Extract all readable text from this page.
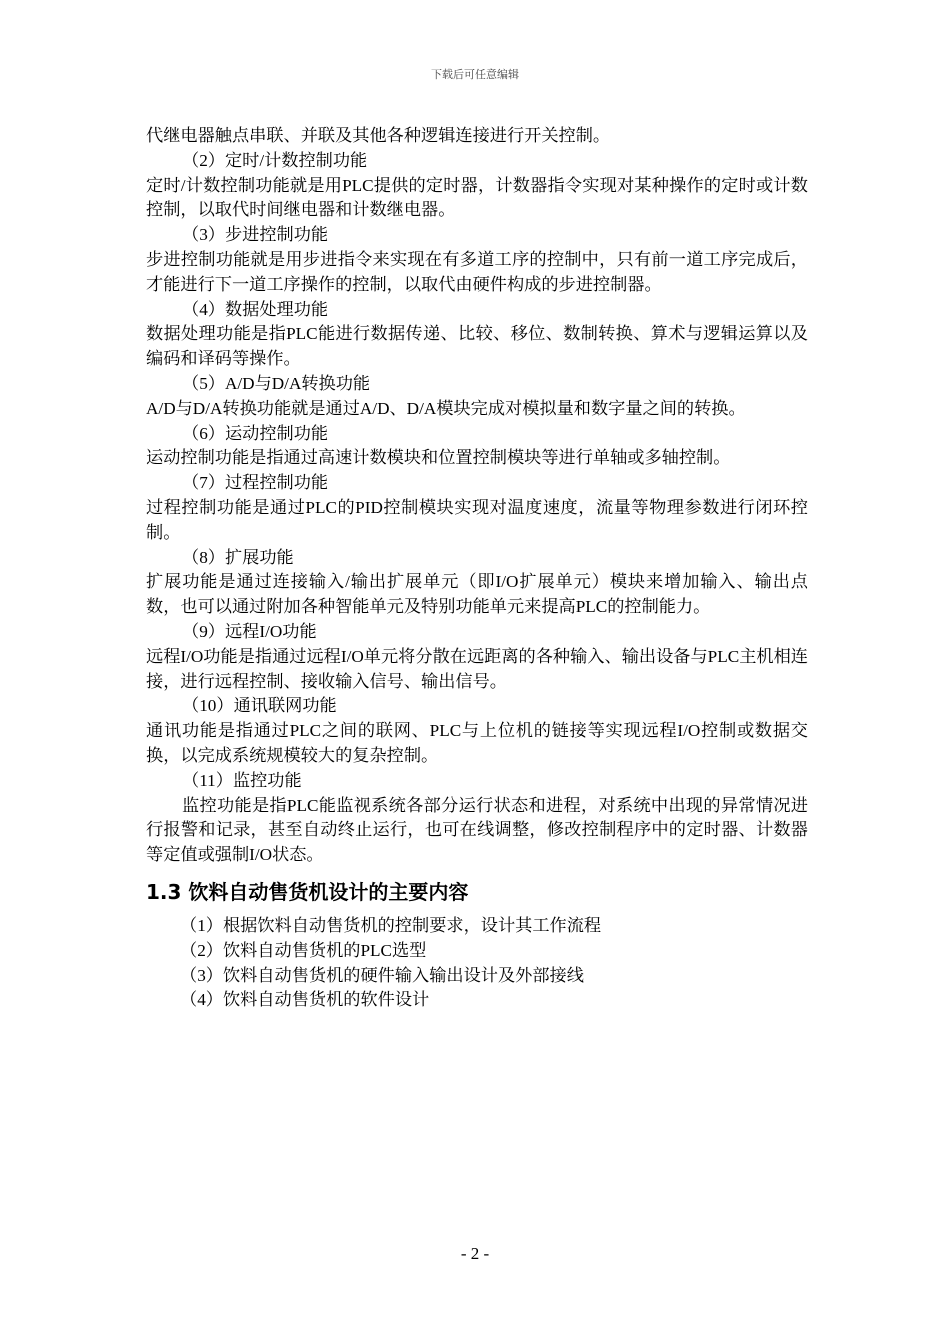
下载后可任意编辑

代继电器触点串联、并联及其他各种逻辑连接进行开关控制。

（2）定时/计数控制功能

定时/计数控制功能就是用PLC提供的定时器，计数器指令实现对某种操作的定时或计数控制，以取代时间继电器和计数继电器。

（3）步进控制功能

步进控制功能就是用步进指令来实现在有多道工序的控制中，只有前一道工序完成后，才能进行下一道工序操作的控制，以取代由硬件构成的步进控制器。

（4）数据处理功能

数据处理功能是指PLC能进行数据传递、比较、移位、数制转换、算术与逻辑运算以及编码和译码等操作。

（5）A/D与D/A转换功能

A/D与D/A转换功能就是通过A/D、D/A模块完成对模拟量和数字量之间的转换。

（6）运动控制功能

运动控制功能是指通过高速计数模块和位置控制模块等进行单轴或多轴控制。

（7）过程控制功能

过程控制功能是通过PLC的PID控制模块实现对温度速度，流量等物理参数进行闭环控制。

（8）扩展功能

扩展功能是通过连接输入/输出扩展单元（即I/O扩展单元）模块来增加输入、输出点数，也可以通过附加各种智能单元及特别功能单元来提高PLC的控制能力。

（9）远程I/O功能

远程I/O功能是指通过远程I/O单元将分散在远距离的各种输入、输出设备与PLC主机相连接，进行远程控制、接收输入信号、输出信号。

（10）通讯联网功能

通讯功能是指通过PLC之间的联网、PLC与上位机的链接等实现远程I/O控制或数据交换，以完成系统规模较大的复杂控制。

（11）监控功能

监控功能是指PLC能监视系统各部分运行状态和进程，对系统中出现的异常情况进行报警和记录，甚至自动终止运行，也可在线调整，修改控制程序中的定时器、计数器等定值或强制I/O状态。

1.3 饮料自动售货机设计的主要内容

（1）根据饮料自动售货机的控制要求，设计其工作流程

（2）饮料自动售货机的PLC选型

（3）饮料自动售货机的硬件输入输出设计及外部接线

（4）饮料自动售货机的软件设计

- 2 -
